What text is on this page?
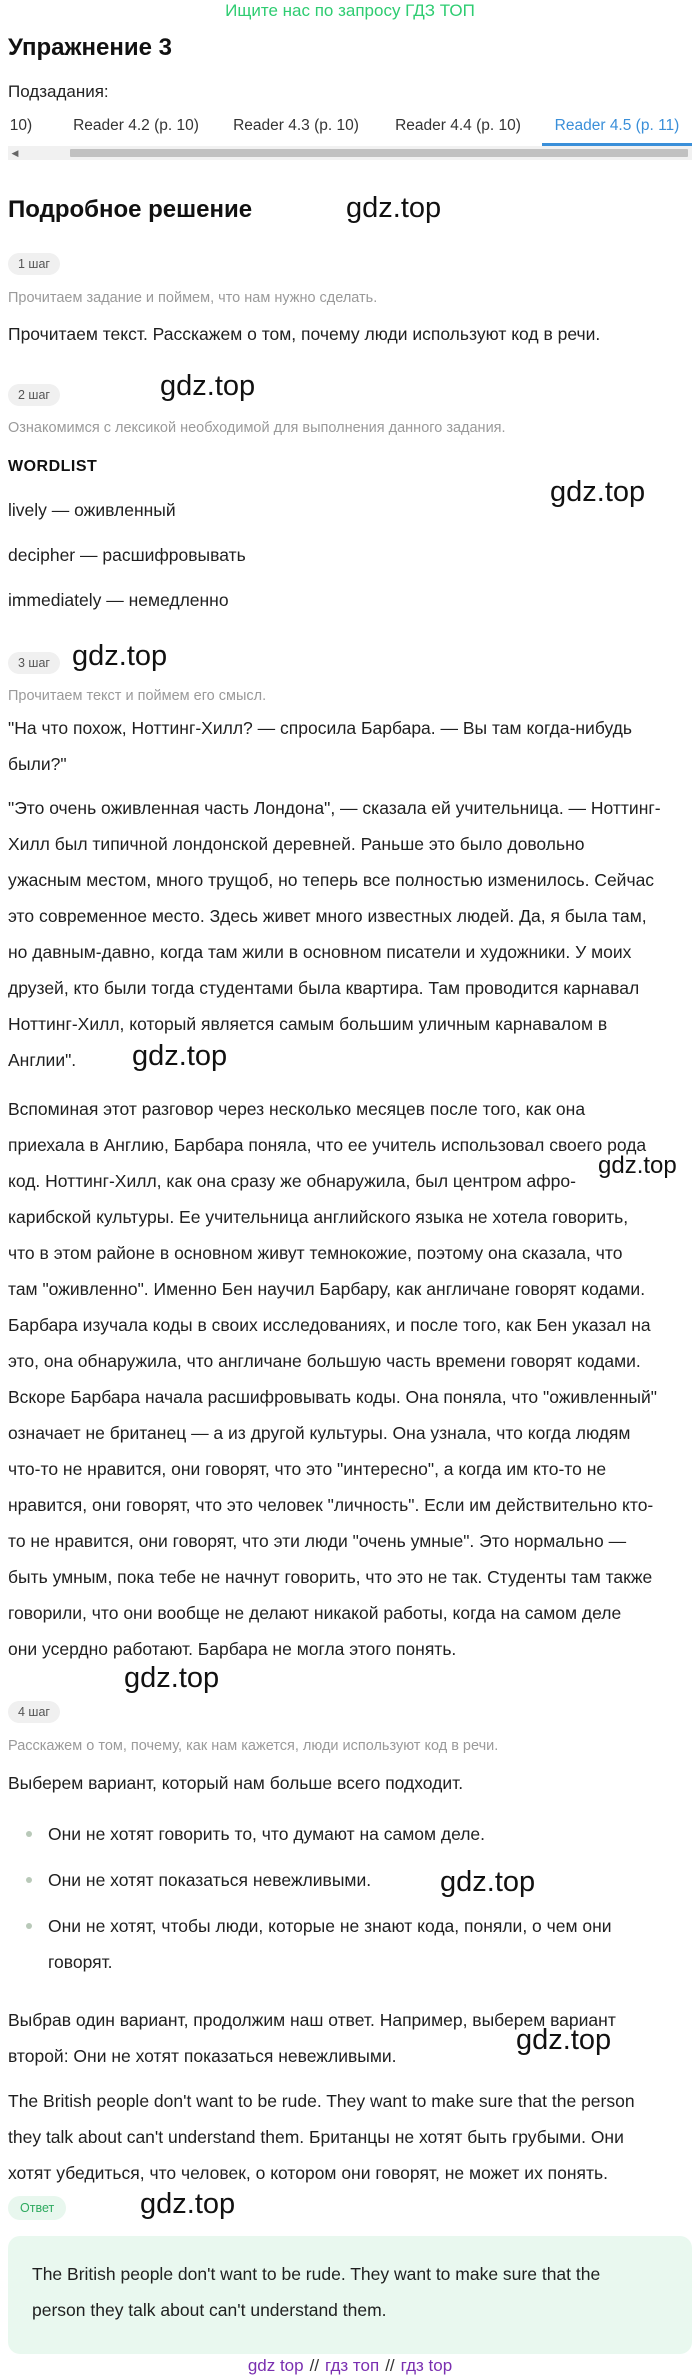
Ищите нас по запросу ГДЗ ТОП
Упражнение 3
Подзадания:
10)	Reader 4.2 (p. 10)	Reader 4.3 (p. 10)	Reader 4.4 (p. 10)	Reader 4.5 (p. 11)
◀
Подробное решение	gdz.top
1 шаг
Прочитаем задание и поймем, что нам нужно сделать.
Прочитаем текст. Расскажем о том, почему люди используют код в речи.
2 шаг	gdz.top
Ознакомимся с лексикой необходимой для выполнения данного задания.
WORDLIST
gdz.top
lively — оживленный
decipher — расшифровывать
immediately — немедленно
3 шаг gdz.top
Прочитаем текст и поймем его смысл.
"На что похож, Ноттинг-Хилл? — спросила Барбара. — Вы там когда-нибудь
были?"
"Это очень оживленная часть Лондона", — сказала ей учительница. — Ноттинг-
Хилл был типичной лондонской деревней. Раньше это было довольно
ужасным местом, много трущоб, но теперь все полностью изменилось. Сейчас
это современное место. Здесь живет много известных людей. Да, я была там,
но давным-давно, когда там жили в основном писатели и художники. У моих
друзей, кто были тогда студентами была квартира. Там проводится карнавал
Ноттинг-Хилл, который является самым большим уличным карнавалом в
Англии".	gdz.top
Вспоминая этот разговор через несколько месяцев после того, как она
приехала в Англию, Барбара поняла, что ее учитель использовал своего рода
код. Ноттинг-Хилл, как она сразу же обнаружила, был центром афро-
карибской культуры. Ее учительница английского языка не хотела говорить,
что в этом районе в основном живут темнокожие, поэтому она сказала, что
там "оживленно". Именно Бен научил Барбару, как англичане говорят кодами.
Барбара изучала коды в своих исследованиях, и после того, как Бен указал на
это, она обнаружила, что англичане большую часть времени говорят кодами.
Вскоре Барбара начала расшифровывать коды. Она поняла, что "оживленный"
означает не британец — а из другой культуры. Она узнала, что когда людям
что-то не нравится, они говорят, что это "интересно", а когда им кто-то не
нравится, они говорят, что это человек "личность". Если им действительно кто-
то не нравится, они говорят, что эти люди "очень умные". Это нормально —
быть умным, пока тебе не начнут говорить, что это не так. Студенты там также
говорили, что они вообще не делают никакой работы, когда на самом деле
они усердно работают. Барбара не могла этого понять.
gdz.top
gdz.top
4 шаг
Расскажем о том, почему, как нам кажется, люди используют код в речи.
Выберем вариант, который нам больше всего подходит.
Они не хотят говорить то, что думают на самом деле.
Они не хотят показаться невежливыми.	gdz.top
Они не хотят, чтобы люди, которые не знают кода, поняли, о чем они
говорят.
Выбрав один вариант, продолжим наш ответ. Например, выберем вариант
второй: Они не хотят показаться невежливыми.	gdz.top
The British people don't want to be rude. They want to make sure that the person
they talk about can't understand them. Британцы не хотят быть грубыми. Они
хотят убедиться, что человек, о котором они говорят, не может их понять.
Ответ	gdz.top
The British people don't want to be rude. They want to make sure that the
person they talk about can't understand them.
gdz top // гдз топ // гдз top
